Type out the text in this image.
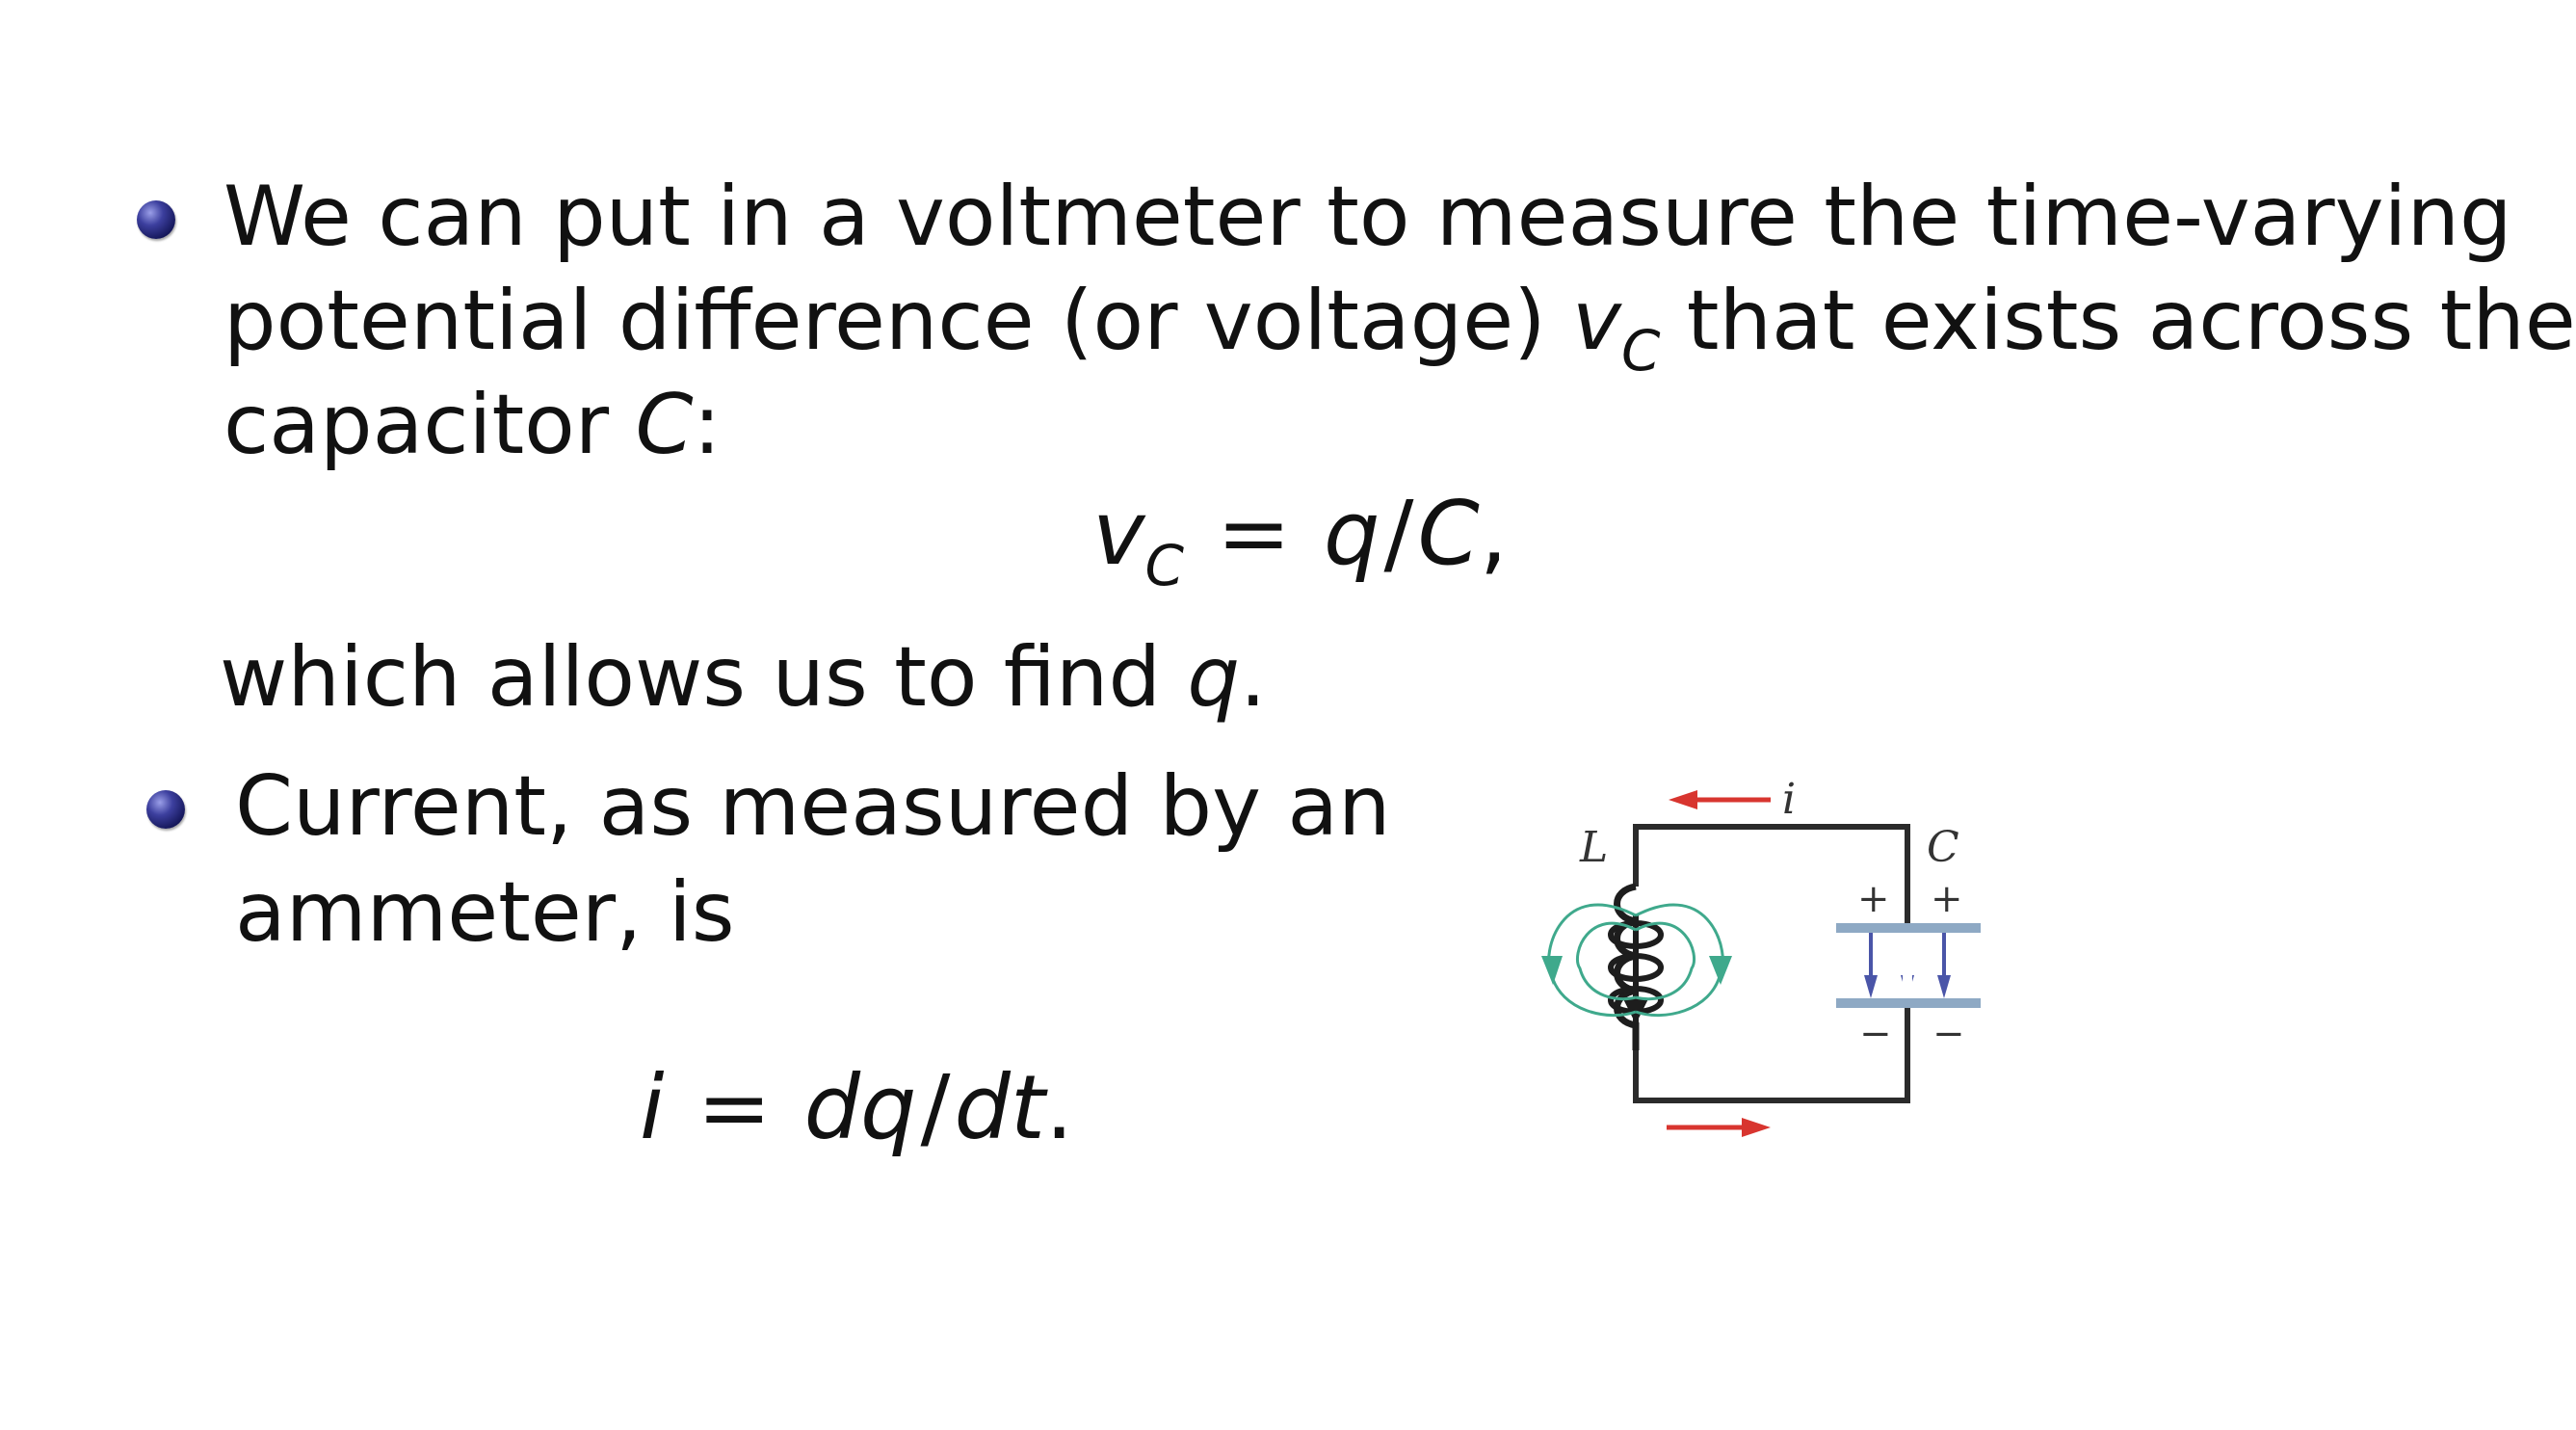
We can put in a voltmeter to measure the time-varying
potential difference (or voltage) $v_C$ that exists across the
capacitor C:
$v_C = q/C$,
which allows us to find q.
Current, as measured by an
ammeter, is
i = dq/dt.
i
L	C
+ +
− −
